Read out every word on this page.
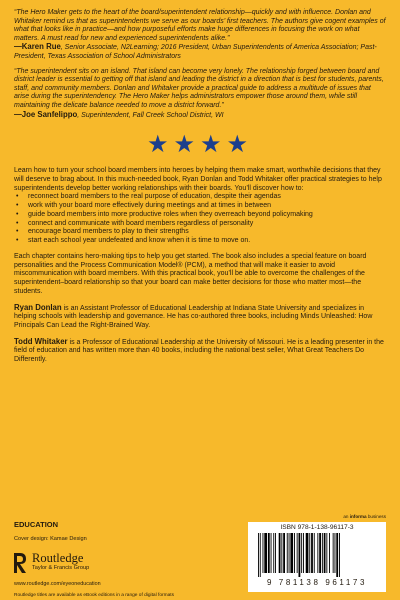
“The Hero Maker gets to the heart of the board/superintendent relationship—quickly and with influence. Donlan and Whitaker remind us that as superintendents we serve as our boards’ first teachers. The authors give cogent examples of what that looks like in practice—and how purposeful efforts make huge differences in focusing the work on what matters. A must read for new and experienced superintendents alike.”

—Karen Rue, Senior Associate, N2Learning; 2016 President, Urban Superintendents of America Association; Past-President, Texas Association of School Administrators

“The superintendent sits on an island. That island can become very lonely. The relationship forged between board and district leader is essential to getting off that island and leading the district in a direction that is best for students, parents, staff, and community members. Donlan and Whitaker provide a practical guide to address a multitude of issues that arise during the superintendency. The Hero Maker helps administrators empower those around them, while still maintaining the delicate balance needed to move a district forward.”

—Joe Sanfelippo, Superintendent, Fall Creek School District, WI

★★★★

Learn how to turn your school board members into heroes by helping them make smart, worthwhile decisions that they will deserve to brag about. In this much-needed book, Ryan Donlan and Todd Whitaker offer practical strategies to help superintendents develop better working relationships with their boards. You’ll discover how to:

• reconnect board members to the real purpose of education, despite their agendas
• work with your board more effectively during meetings and at times in between
• guide board members into more productive roles when they overreach beyond policymaking
• connect and communicate with board members regardless of personality
• encourage board members to play to their strengths
• start each school year undefeated and know when it is time to move on.

Each chapter contains hero-making tips to help you get started. The book also includes a special feature on board personalities and the Process Communication Model® (PCM), a method that will make it easier to avoid miscommunication with board members. With this practical book, you’ll be able to overcome the challenges of the superintendent–board relationship so that your board can make better decisions for those who matter most—the students.

Ryan Donlan is an Assistant Professor of Educational Leadership at Indiana State University and specializes in helping schools with leadership and governance. He has co-authored three books, including Minds Unleashed: How Principals Can Lead the Right-Brained Way.

Todd Whitaker is a Professor of Educational Leadership at the University of Missouri. He is a leading presenter in the field of education and has written more than 40 books, including the national best seller, What Great Teachers Do Differently.

an informa business
EDUCATION
Cover design: Kamae Design
Routledge
Taylor & Francis Group
www.routledge.com/eyeoneducation
Routledge titles are available as eBook editions in a range of digital formats
ISBN 978-1-138-96117-3
9 781138 961173
